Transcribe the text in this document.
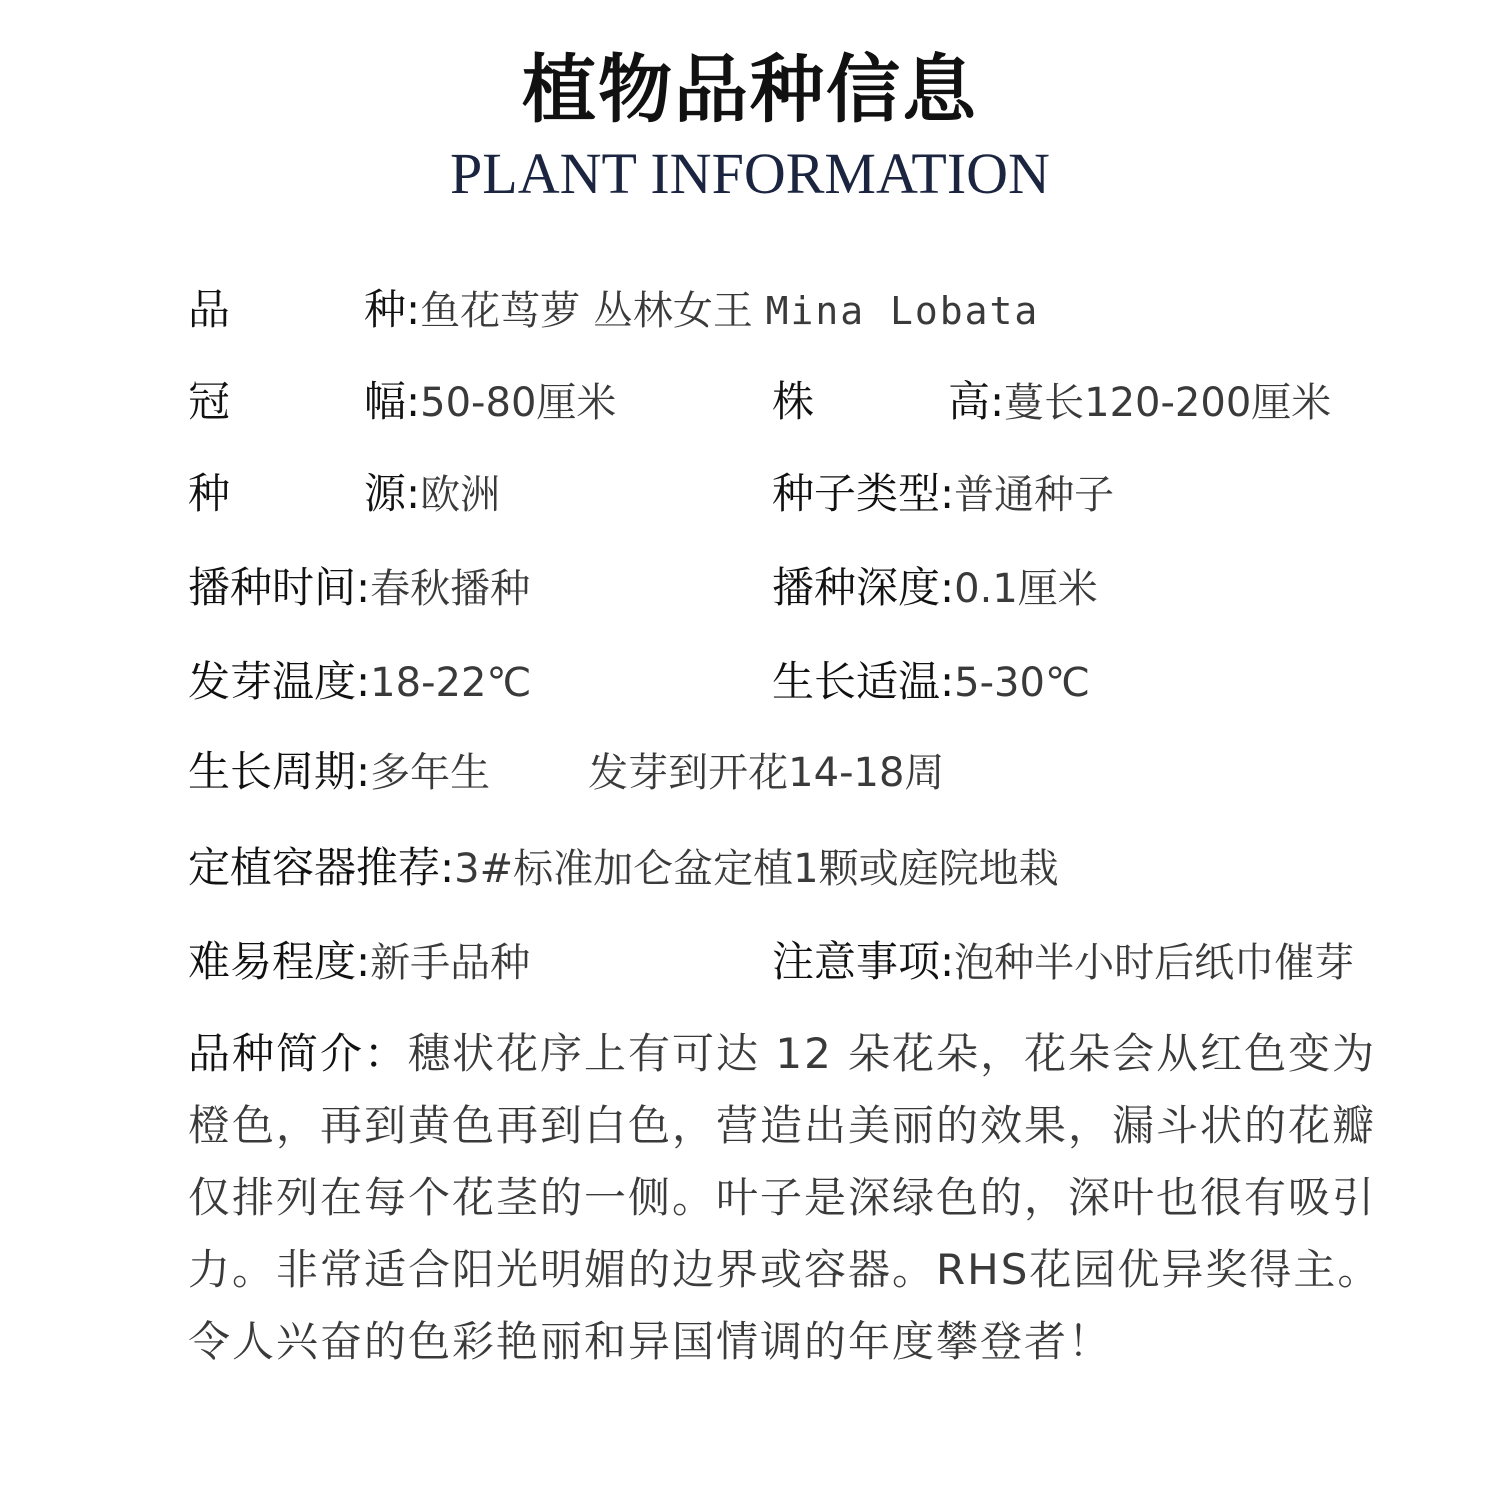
植物品种信息
PLANT INFORMATION
品	种 :鱼花茑萝 丛林女王 Mina Lobata
冠	幅 :50-80厘米	株	高 :蔓长120-200厘米
种	源 :欧洲	种子类型:普通种子
播种时间:春秋播种	播种深度:0.1厘米
发芽温度:18-22℃	生长适温:5-30℃
生长周期:多年生 发芽到开花14-18周
定植容器推荐:3#标准加仑盆定植1颗或庭院地栽
难易程度:新手品种	注意事项:泡种半小时后纸巾催芽
品种简介：穗状花序上有可达 12 朵花朵，花朵会从红色变为橙色，再到黄色再到白色，营造出美丽的效果，漏斗状的花瓣仅排列在每个花茎的一侧。叶子是深绿色的，深叶也很有吸引力。非常适合阳光明媚的边界或容器。RHS花园优异奖得主。令人兴奋的色彩艳丽和异国情调的年度攀登者！
